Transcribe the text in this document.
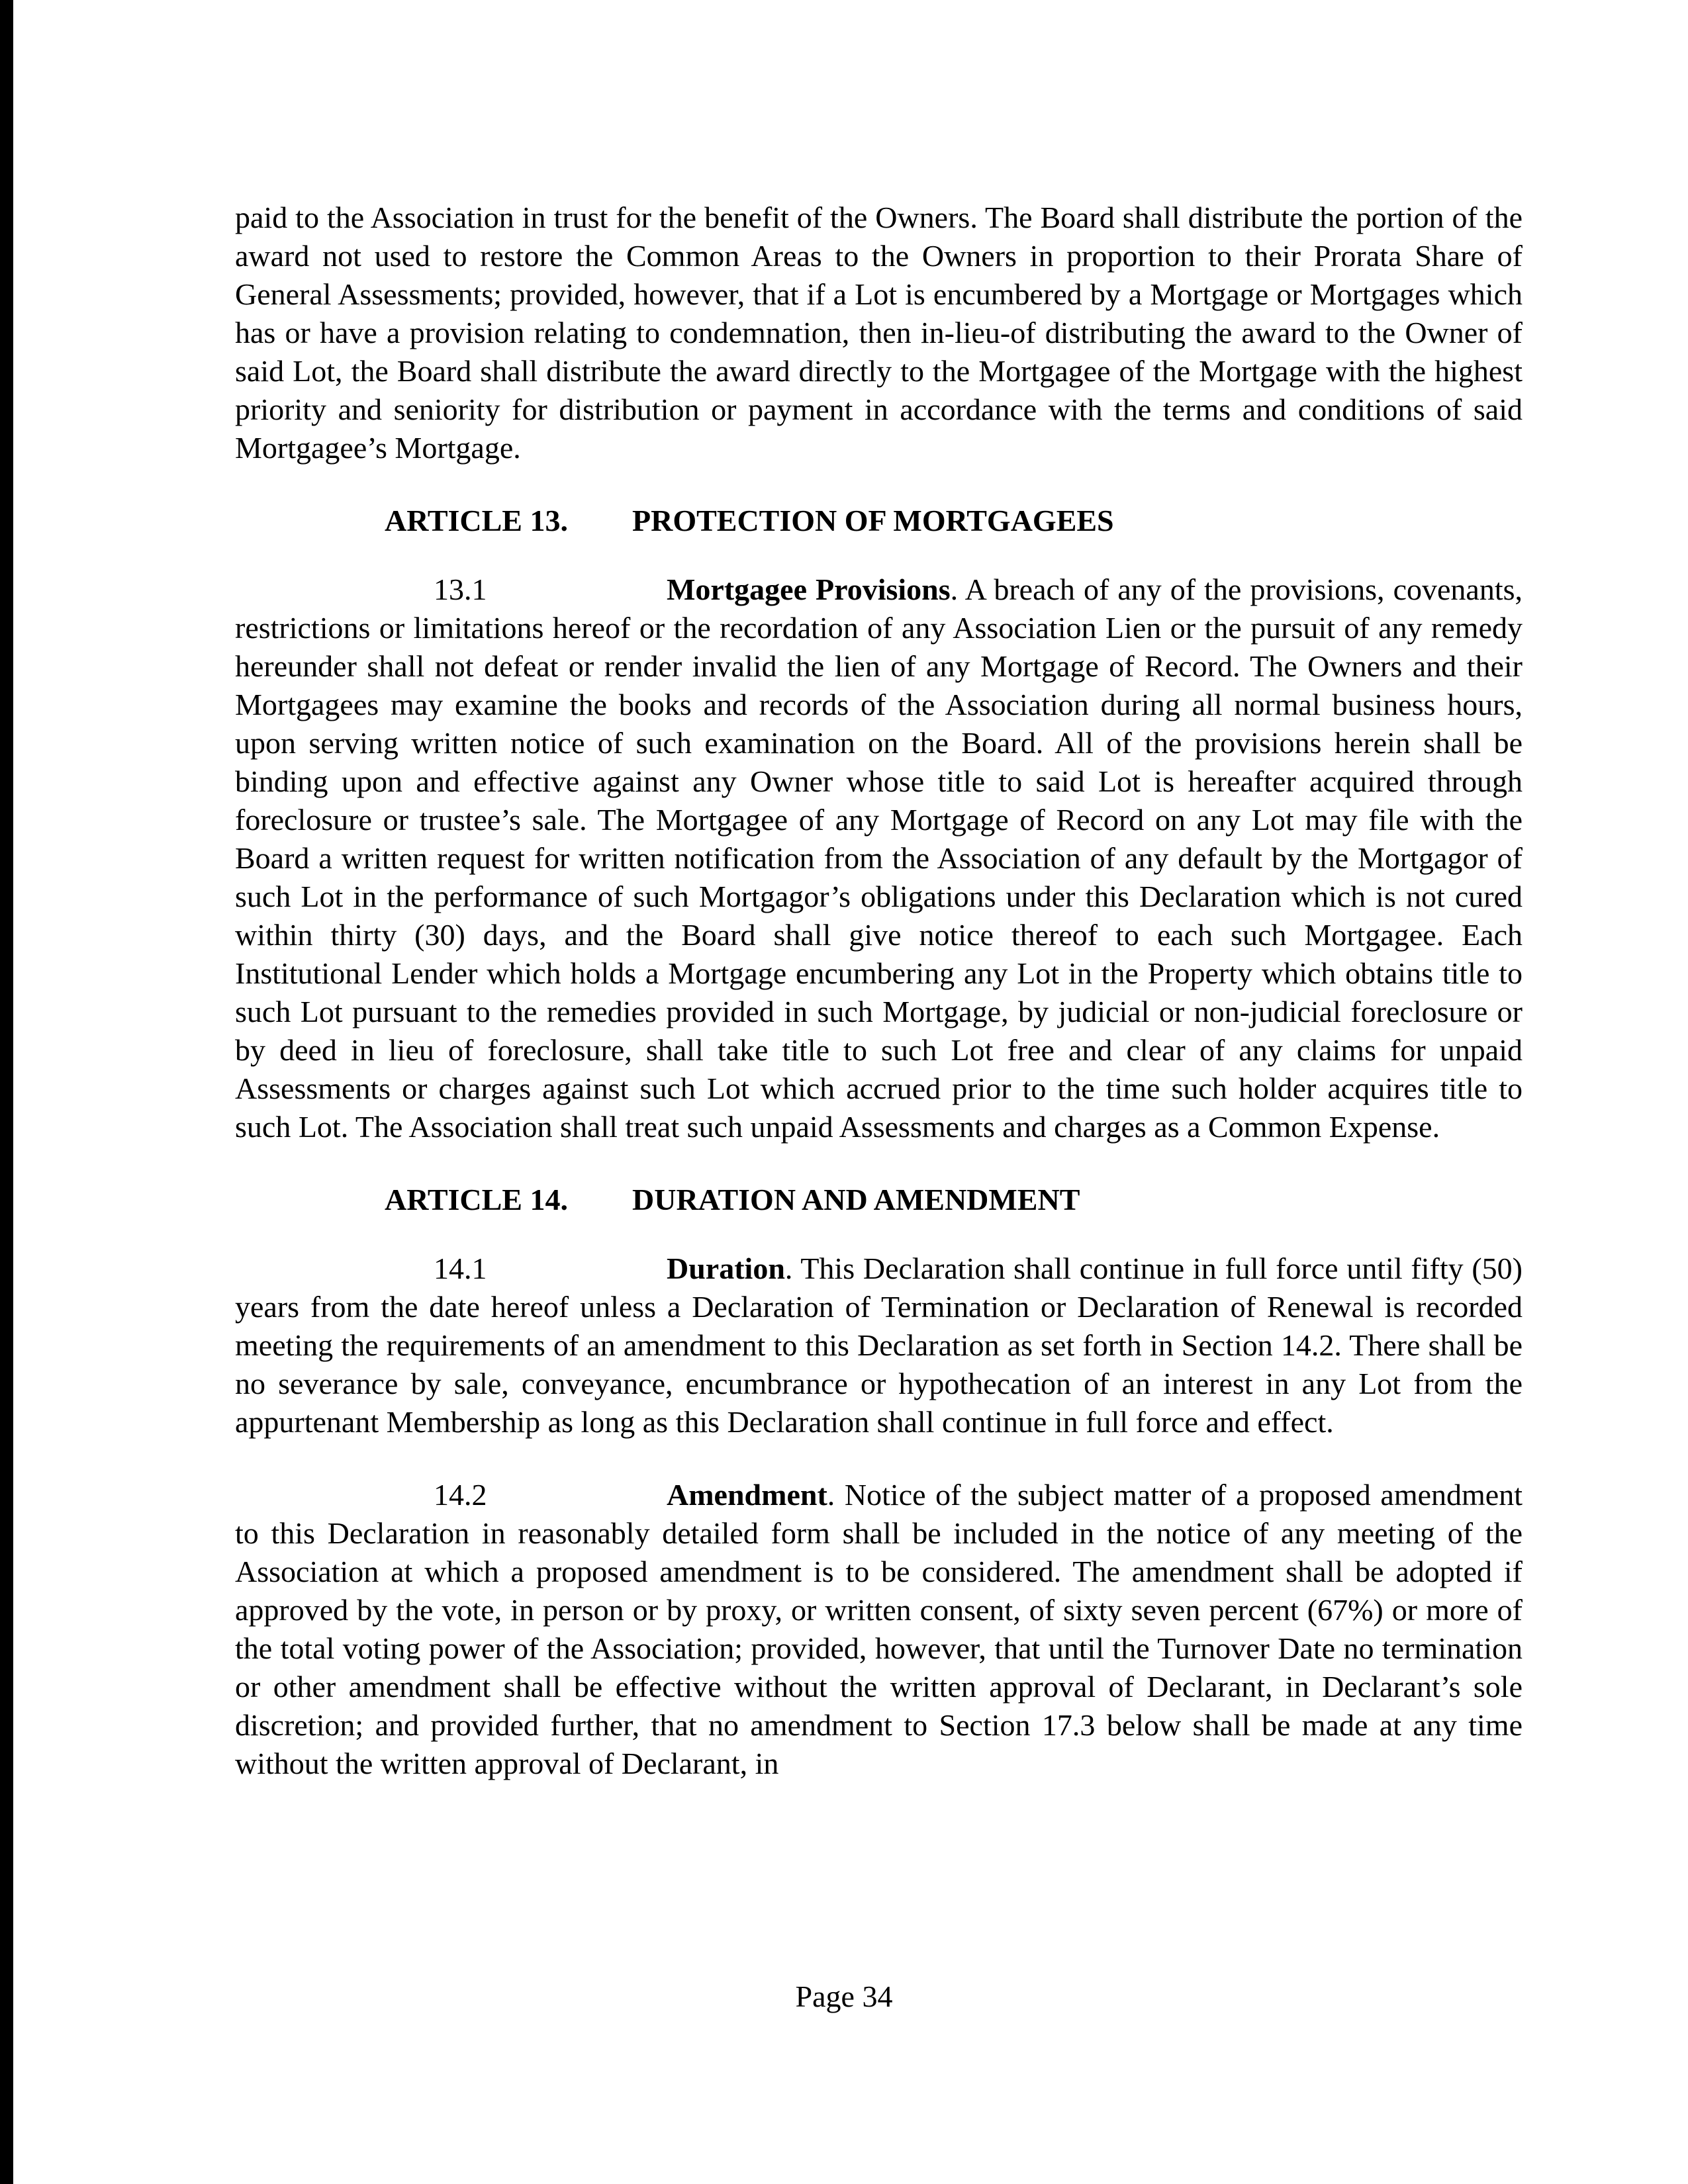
paid to the Association in trust for the benefit of the Owners. The Board shall distribute the portion of the award not used to restore the Common Areas to the Owners in proportion to their Prorata Share of General Assessments; provided, however, that if a Lot is encumbered by a Mortgage or Mortgages which has or have a provision relating to condemnation, then in-lieu-of distributing the award to the Owner of said Lot, the Board shall distribute the award directly to the Mortgagee of the Mortgage with the highest priority and seniority for distribution or payment in accordance with the terms and conditions of said Mortgagee’s Mortgage.

ARTICLE 13. PROTECTION OF MORTGAGEES

13.1	Mortgagee Provisions. A breach of any of the provisions, covenants, restrictions or limitations hereof or the recordation of any Association Lien or the pursuit of any remedy hereunder shall not defeat or render invalid the lien of any Mortgage of Record. The Owners and their Mortgagees may examine the books and records of the Association during all normal business hours, upon serving written notice of such examination on the Board. All of the provisions herein shall be binding upon and effective against any Owner whose title to said Lot is hereafter acquired through foreclosure or trustee’s sale. The Mortgagee of any Mortgage of Record on any Lot may file with the Board a written request for written notification from the Association of any default by the Mortgagor of such Lot in the performance of such Mortgagor’s obligations under this Declaration which is not cured within thirty (30) days, and the Board shall give notice thereof to each such Mortgagee. Each Institutional Lender which holds a Mortgage encumbering any Lot in the Property which obtains title to such Lot pursuant to the remedies provided in such Mortgage, by judicial or non-judicial foreclosure or by deed in lieu of foreclosure, shall take title to such Lot free and clear of any claims for unpaid Assessments or charges against such Lot which accrued prior to the time such holder acquires title to such Lot. The Association shall treat such unpaid Assessments and charges as a Common Expense.

ARTICLE 14. DURATION AND AMENDMENT

14.1	Duration. This Declaration shall continue in full force until fifty (50) years from the date hereof unless a Declaration of Termination or Declaration of Renewal is recorded meeting the requirements of an amendment to this Declaration as set forth in Section 14.2. There shall be no severance by sale, conveyance, encumbrance or hypothecation of an interest in any Lot from the appurtenant Membership as long as this Declaration shall continue in full force and effect.

14.2	Amendment. Notice of the subject matter of a proposed amendment to this Declaration in reasonably detailed form shall be included in the notice of any meeting of the Association at which a proposed amendment is to be considered. The amendment shall be adopted if approved by the vote, in person or by proxy, or written consent, of sixty seven percent (67%) or more of the total voting power of the Association; provided, however, that until the Turnover Date no termination or other amendment shall be effective without the written approval of Declarant, in Declarant’s sole discretion; and provided further, that no amendment to Section 17.3 below shall be made at any time without the written approval of Declarant, in

Page 34
